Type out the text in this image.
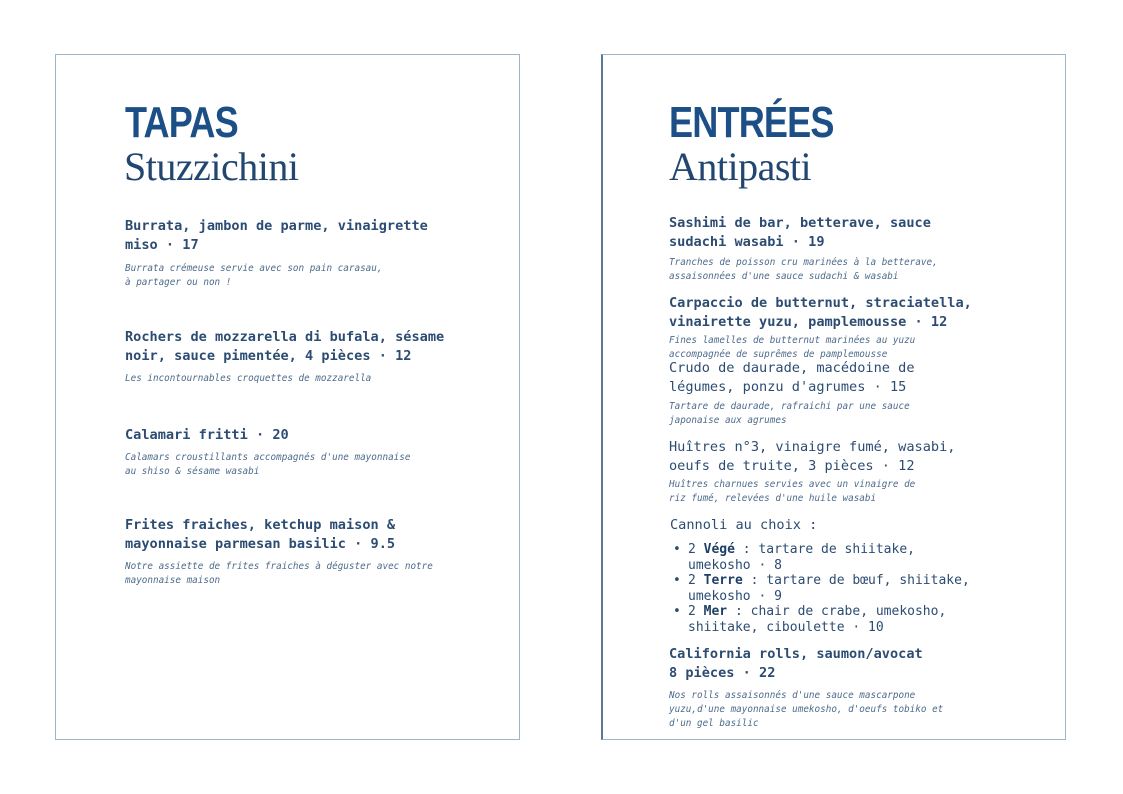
TAPAS
Stuzzichini
Burrata, jambon de parme, vinaigrette
miso · 17
Burrata crémeuse servie avec son pain carasau,
à partager ou non !
Rochers de mozzarella di bufala, sésame
noir, sauce pimentée, 4 pièces · 12
Les incontournables croquettes de mozzarella
Calamari fritti · 20
Calamars croustillants accompagnés d'une mayonnaise
au shiso & sésame wasabi
Frites fraiches, ketchup maison &
mayonnaise parmesan basilic · 9.5
Notre assiette de frites fraiches à déguster avec notre
mayonnaise maison
ENTRÉES
Antipasti
Sashimi de bar, betterave, sauce
sudachi wasabi · 19
Tranches de poisson cru marinées à la betterave,
assaisonnées d'une sauce sudachi & wasabi
Carpaccio de butternut, straciatella,
vinairette yuzu, pamplemousse · 12
Fines lamelles de butternut marinées au yuzu
accompagnée de suprêmes de pamplemousse
Crudo de daurade, macédoine de
légumes, ponzu d'agrumes · 15
Tartare de daurade, rafraichi par une sauce
japonaise aux agrumes
Huîtres n°3, vinaigre fumé, wasabi,
oeufs de truite, 3 pièces · 12
Huîtres charnues servies avec un vinaigre de
riz fumé, relevées d'une huile wasabi
Cannoli au choix :
• 2 Végé : tartare de shiitake,
umekosho · 8
• 2 Terre : tartare de bœuf, shiitake,
umekosho · 9
• 2 Mer : chair de crabe, umekosho,
shiitake, ciboulette · 10
California rolls, saumon/avocat
8 pièces · 22
Nos rolls assaisonnés d'une sauce mascarpone
yuzu,d'une mayonnaise umekosho, d'oeufs tobiko et
d'un gel basilic
